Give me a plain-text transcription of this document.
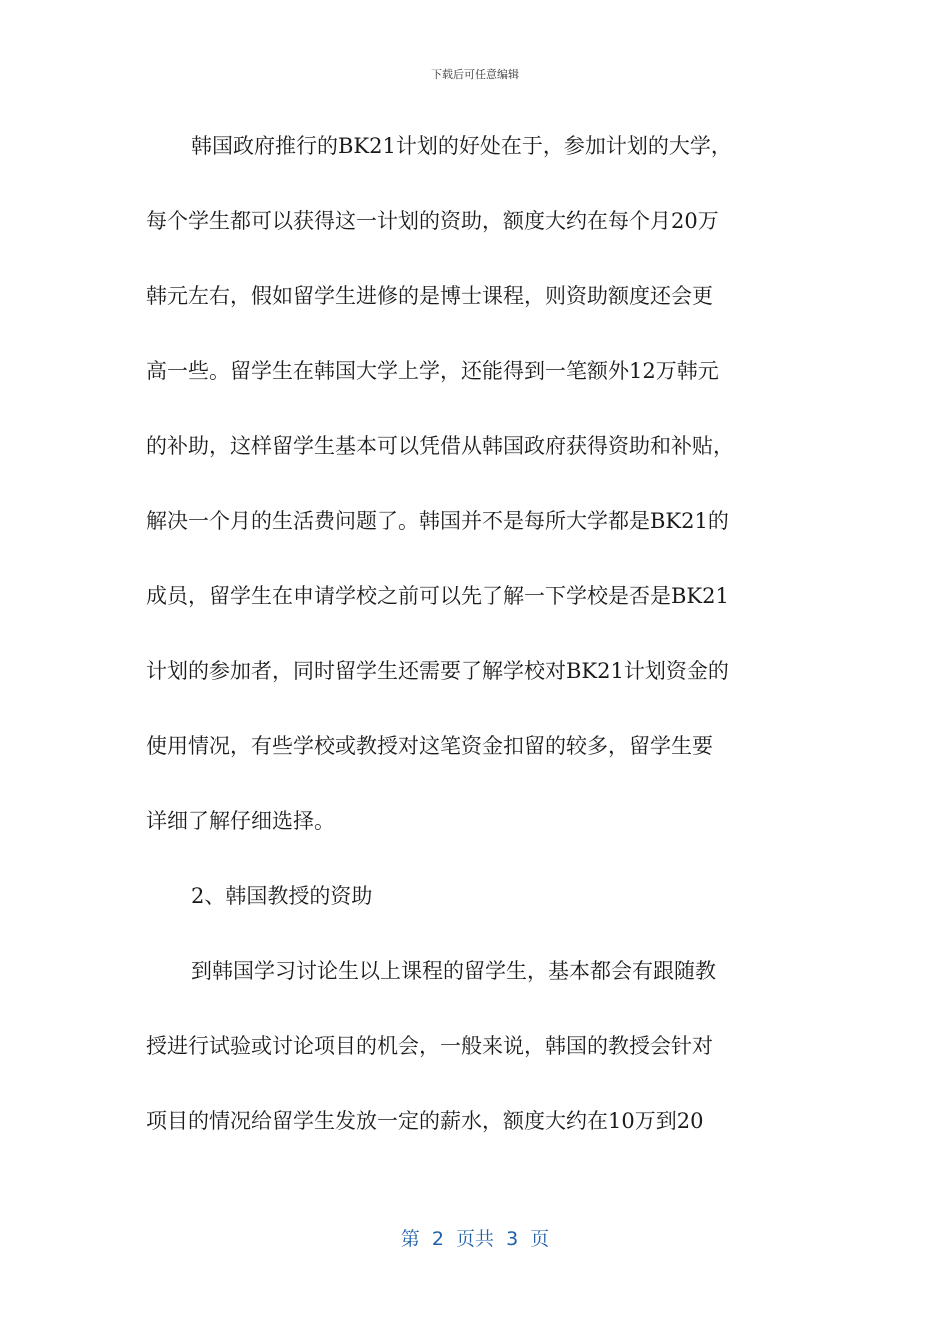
下载后可任意编辑
韩国政府推行的BK21计划的好处在于，参加计划的大学，
每个学生都可以获得这一计划的资助，额度大约在每个月20万
韩元左右，假如留学生进修的是博士课程，则资助额度还会更
高一些。留学生在韩国大学上学，还能得到一笔额外12万韩元
的补助，这样留学生基本可以凭借从韩国政府获得资助和补贴，
解决一个月的生活费问题了。韩国并不是每所大学都是BK21的
成员，留学生在申请学校之前可以先了解一下学校是否是BK21
计划的参加者，同时留学生还需要了解学校对BK21计划资金的
使用情况，有些学校或教授对这笔资金扣留的较多，留学生要
详细了解仔细选择。
2、韩国教授的资助
到韩国学习讨论生以上课程的留学生，基本都会有跟随教
授进行试验或讨论项目的机会，一般来说，韩国的教授会针对
项目的情况给留学生发放一定的薪水，额度大约在10万到20
第  2  页共  3  页
